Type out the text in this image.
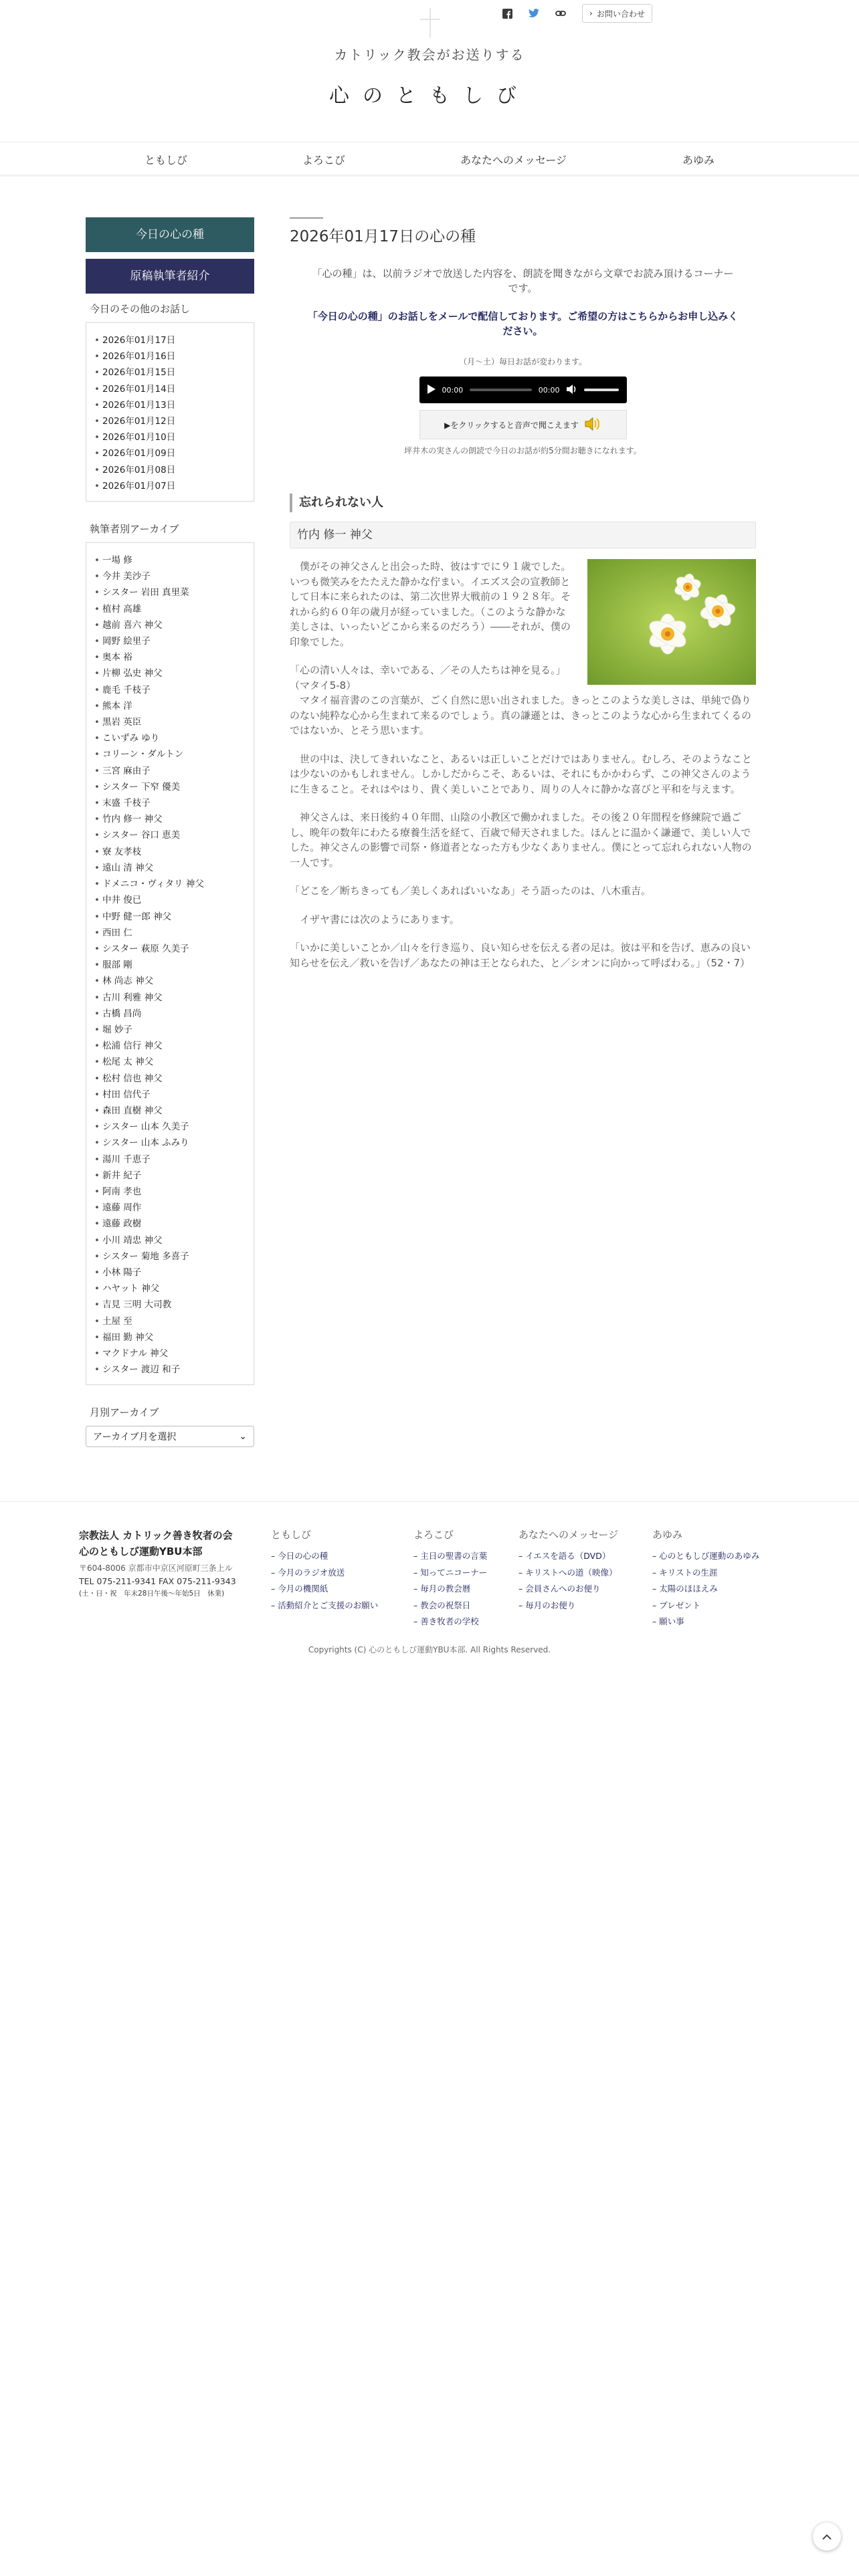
› お問い合わせ
カトリック教会がお送りする
心のともしび
ともしび	よろこび	あなたへのメッセージ	あゆみ
今日の心の種
原稿執筆者紹介
今日のその他のお話し
• 2026年01月17日
• 2026年01月16日
• 2026年01月15日
• 2026年01月14日
• 2026年01月13日
• 2026年01月12日
• 2026年01月10日
• 2026年01月09日
• 2026年01月08日
• 2026年01月07日
執筆者別アーカイブ
• 一場 修
• 今井 美沙子
• シスター 岩田 真里菜
• 植村 高雄
• 越前 喜六 神父
• 岡野 絵里子
• 奥本 裕
• 片柳 弘史 神父
• 鹿毛 千枝子
• 熊本 洋
• 黒岩 英臣
• こいずみ ゆり
• コリーン・ダルトン
• 三宮 麻由子
• シスター 下窄 優美
• 末盛 千枝子
• 竹内 修一 神父
• シスター 谷口 恵美
• 寮 友孝枝
• 遠山 清 神父
• ドメニコ・ヴィタリ 神父
• 中井 俊已
• 中野 健一郎 神父
• 西田 仁
• シスター 萩原 久美子
• 服部 剛
• 林 尚志 神父
• 古川 利雅 神父
• 古橋 昌尚
• 堀 妙子
• 松浦 信行 神父
• 松尾 太 神父
• 松村 信也 神父
• 村田 信代子
• 森田 直樹 神父
• シスター 山本 久美子
• シスター 山本 ふみり
• 湯川 千恵子
• 新井 紀子
• 阿南 孝也
• 遠藤 周作
• 遠藤 政樹
• 小川 靖忠 神父
• シスター 菊地 多喜子
• 小林 陽子
• ハヤット 神父
• 吉見 三明 大司教
• 土屋 至
• 福田 勤 神父
• マクドナル 神父
• シスター 渡辺 和子
月別アーカイブ
アーカイブ月を選択	⌄
2026年01月17日の心の種

「心の種」は、以前ラジオで放送した内容を、朗読を聞きながら文章でお読み頂けるコーナーです。

「今日の心の種」のお話しをメールで配信しております。ご希望の方はこちらからお申し込みください。

（月～土）毎日お話が変わります。

00:00	00:00
▶をクリックすると音声で聞こえます

坪井木の実さんの朗読で今日のお話が約5分間お聴きになれます。

忘れられない人
竹内 修一 神父

僕がその神父さんと出会った時、彼はすでに９１歳でした。いつも微笑みをたたえた静かな佇まい。イエズス会の宣教師として日本に来られたのは、第二次世界大戦前の１９２８年。それから約６０年の歳月が経っていました。（このような静かな美しさは、いったいどこから来るのだろう）――それが、僕の印象でした。

「心の清い人々は、幸いである、／その人たちは神を見る。」（マタイ5-8）

マタイ福音書のこの言葉が、ごく自然に思い出されました。きっとこのような美しさは、単純で偽りのない純粋な心から生まれて来るのでしょう。真の謙遜とは、きっとこのような心から生まれてくるのではないか、とそう思います。

世の中は、決してきれいなこと、あるいは正しいことだけではありません。むしろ、そのようなことは少ないのかもしれません。しかしだからこそ、あるいは、それにもかかわらず、この神父さんのように生きること。それはやはり、貴く美しいことであり、周りの人々に静かな喜びと平和を与えます。

神父さんは、来日後約４０年間、山陰の小教区で働かれました。その後２０年間程を修練院で過ごし、晩年の数年にわたる療養生活を経て、百歳で帰天されました。ほんとに温かく謙遜で、美しい人でした。神父さんの影響で司祭・修道者となった方も少なくありません。僕にとって忘れられない人物の一人です。

「どこを／断ちきっても／美しくあればいいなあ」そう語ったのは、八木重吉。

イザヤ書には次のようにあります。

「いかに美しいことか／山々を行き巡り、良い知らせを伝える者の足は。彼は平和を告げ、恵みの良い知らせを伝え／救いを告げ／あなたの神は王となられた、と／シオンに向かって呼ばわる。」（52・7）

宗教法人 カトリック善き牧者の会
心のともしび運動YBU本部
〒604-8006 京都市中京区河原町三条上ル
TEL 075-211-9341 FAX 075-211-9343
(土・日・祝　年末28日午後〜年始5日　休業)
ともしび
– 今日の心の種
– 今月のラジオ放送
– 今月の機関紙
– 活動紹介とご支援のお願い
よろこび
– 主日の聖書の言葉
– 知ってニコーナー
– 毎月の教会暦
– 教会の祝祭日
– 善き牧者の学校
あなたへのメッセージ
– イエスを語る（DVD）
– キリストへの道（映像）
– 会員さんへのお便り
– 毎月のお便り
あゆみ
– 心のともしび運動のあゆみ
– キリストの生涯
– 太陽のほほえみ
– プレゼント
– 願い事
Copyrights (C) 心のともしび運動YBU本部. All Rights Reserved.
